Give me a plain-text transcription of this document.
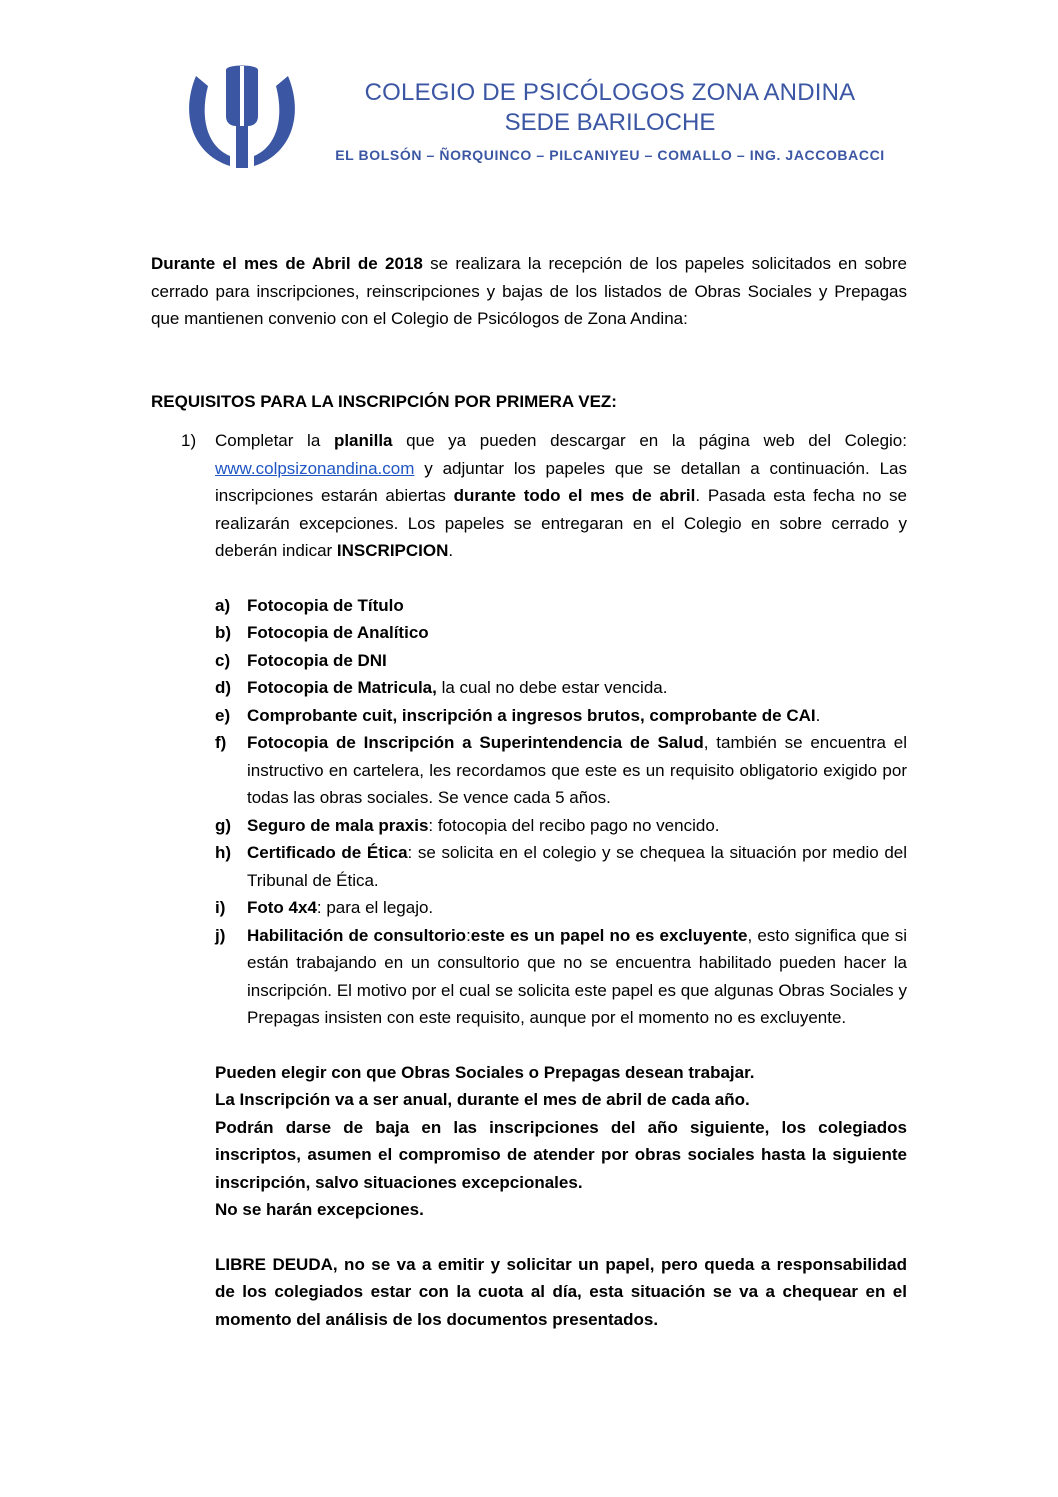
COLEGIO DE PSICÓLOGOS ZONA ANDINA
SEDE BARILOCHE
EL BOLSÓN – ÑORQUINCO – PILCANIYEU – COMALLO – ING. JACCOBACCI

Durante el mes de Abril de 2018 se realizara la recepción de los papeles solicitados en sobre cerrado para inscripciones, reinscripciones y bajas de los listados de Obras Sociales y Prepagas que mantienen convenio con el Colegio de Psicólogos de Zona Andina:

REQUISITOS PARA LA INSCRIPCIÓN POR PRIMERA VEZ:

1) Completar la planilla que ya pueden descargar en la página web del Colegio: www.colpsizonandina.com y adjuntar los papeles que se detallan a continuación. Las inscripciones estarán abiertas durante todo el mes de abril. Pasada esta fecha no se realizarán excepciones. Los papeles se entregaran en el Colegio en sobre cerrado y deberán indicar INSCRIPCION.
a) Fotocopia de Título
b) Fotocopia de Analítico
c) Fotocopia de DNI
d) Fotocopia de Matricula, la cual no debe estar vencida.
e) Comprobante cuit, inscripción a ingresos brutos, comprobante de CAI.
f) Fotocopia de Inscripción a Superintendencia de Salud, también se encuentra el instructivo en cartelera, les recordamos que este es un requisito obligatorio exigido por todas las obras sociales. Se vence cada 5 años.
g) Seguro de mala praxis: fotocopia del recibo pago no vencido.
h) Certificado de Ética: se solicita en el colegio y se chequea la situación por medio del Tribunal de Ética.
i) Foto 4x4: para el legajo.
j) Habilitación de consultorio:este es un papel no es excluyente, esto significa que si están trabajando en un consultorio que no se encuentra habilitado pueden hacer la inscripción. El motivo por el cual se solicita este papel es que algunas Obras Sociales y Prepagas insisten con este requisito, aunque por el momento no es excluyente.

Pueden elegir con que Obras Sociales o Prepagas desean trabajar.

La Inscripción va a ser anual, durante el mes de abril de cada año.

Podrán darse de baja en las inscripciones del año siguiente, los colegiados inscriptos, asumen el compromiso de atender por obras sociales hasta la siguiente inscripción, salvo situaciones excepcionales.

No se harán excepciones.

LIBRE DEUDA, no se va a emitir y solicitar un papel, pero queda a responsabilidad de los colegiados estar con la cuota al día, esta situación se va a chequear en el momento del análisis de los documentos presentados.
